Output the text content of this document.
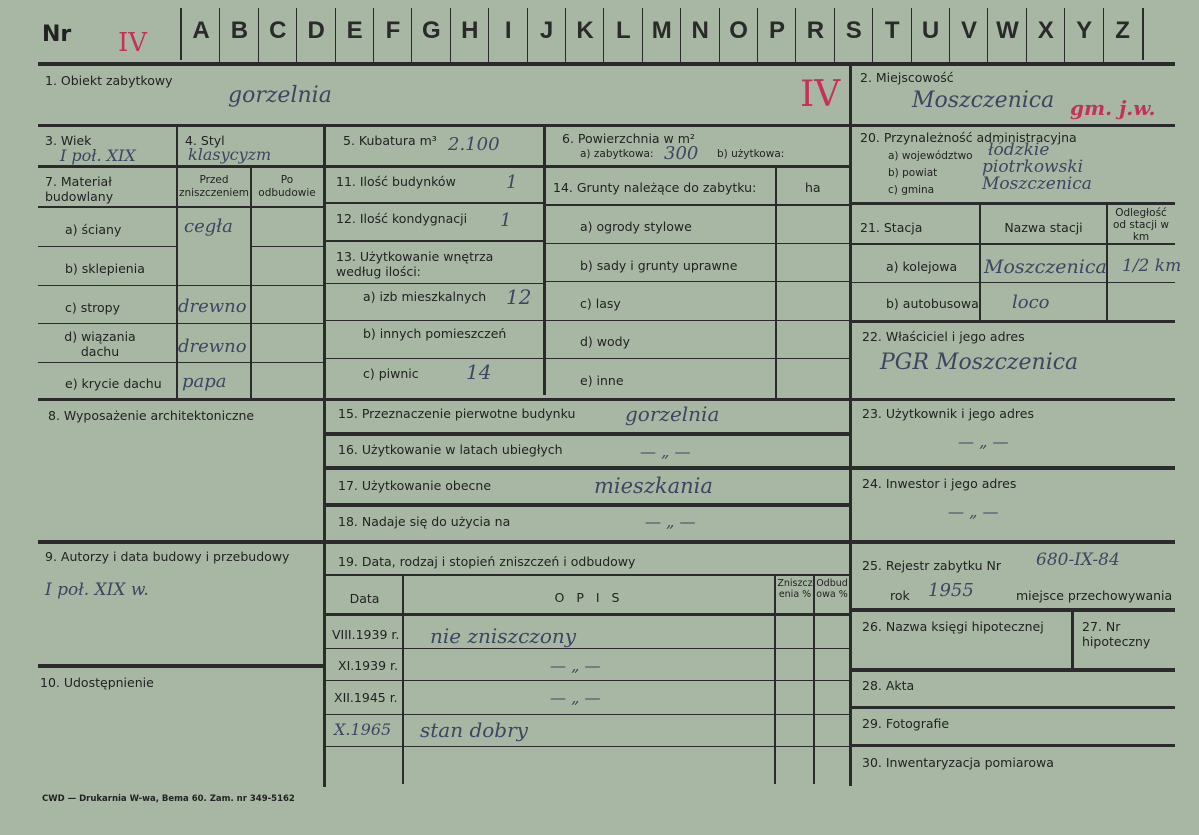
Nr IV	A B C D E F G H	I	J K L M N O P R S T U V W X Y Z
1. Obiekt zabytkowy
gorzelnia	IV 2. Miejscowość
Moszczenica gm. j.w.
3. Wiek
I poł. XIX
4. Styl
klasycyzm
5. Kubatura m³ 2.100	6. Powierzchnia w m²
a) zabytkowa: 300 b) użytkowa:
20. Przynależność administracyjna
a) województwo łódzkie
b) powiat	piotrkowski
c) gmina	Moszczenica
7. Materiał budowlany
Przed zniszczeniem
Po odbudowie
a) ściany	cegła
b) sklepienia
c) stropy	drewno
d) wiązania dachu	drewno
e) krycie dachu papa
11. Ilość budynków	1
12. Ilość kondygnacji 1
13. Użytkowanie wnętrza według ilości:
a) izb mieszkalnych 12
b) innych pomieszczeń
c) piwnic 14
14. Grunty należące do zabytku:	ha
a) ogrody stylowe
b) sady i grunty uprawne
c) lasy
d) wody
e) inne
21. Stacja	Nazwa stacji
Odległość od stacji w km
a) kolejowa Moszczenica 1/2 km
b) autobusowa loco
22. Właściciel i jego adres
PGR Moszczenica
8. Wyposażenie architektoniczne	15. Przeznaczenie pierwotne budynku gorzelnia
16. Użytkowanie w latach ubiegłych	— „ —
17. Użytkowanie obecne	mieszkania
18. Nadaje się do użycia na	— „ —
23. Użytkownik i jego adres
— „ —
24. Inwestor i jego adres
— „ —
9. Autorzy i data budowy i przebudowy
I poł. XIX w.
10. Udostępnienie
19. Data, rodzaj i stopień zniszczeń i odbudowy
Data	O P I S
Zniszczenia %
Odbudowa %
VIII.1939 r. nie zniszczony
XI.1939 r.	— „ —
XII.1945 r.	— „ —
X.1965 stan dobry
25. Rejestr zabytku Nr 680-IX-84
rok 1955	miejsce przechowywania
26. Nazwa księgi hipotecznej	27. Nr hipoteczny
28. Akta
29. Fotografie
30. Inwentaryzacja pomiarowa
CWD — Drukarnia W-wa, Bema 60. Zam. nr 349-5162
